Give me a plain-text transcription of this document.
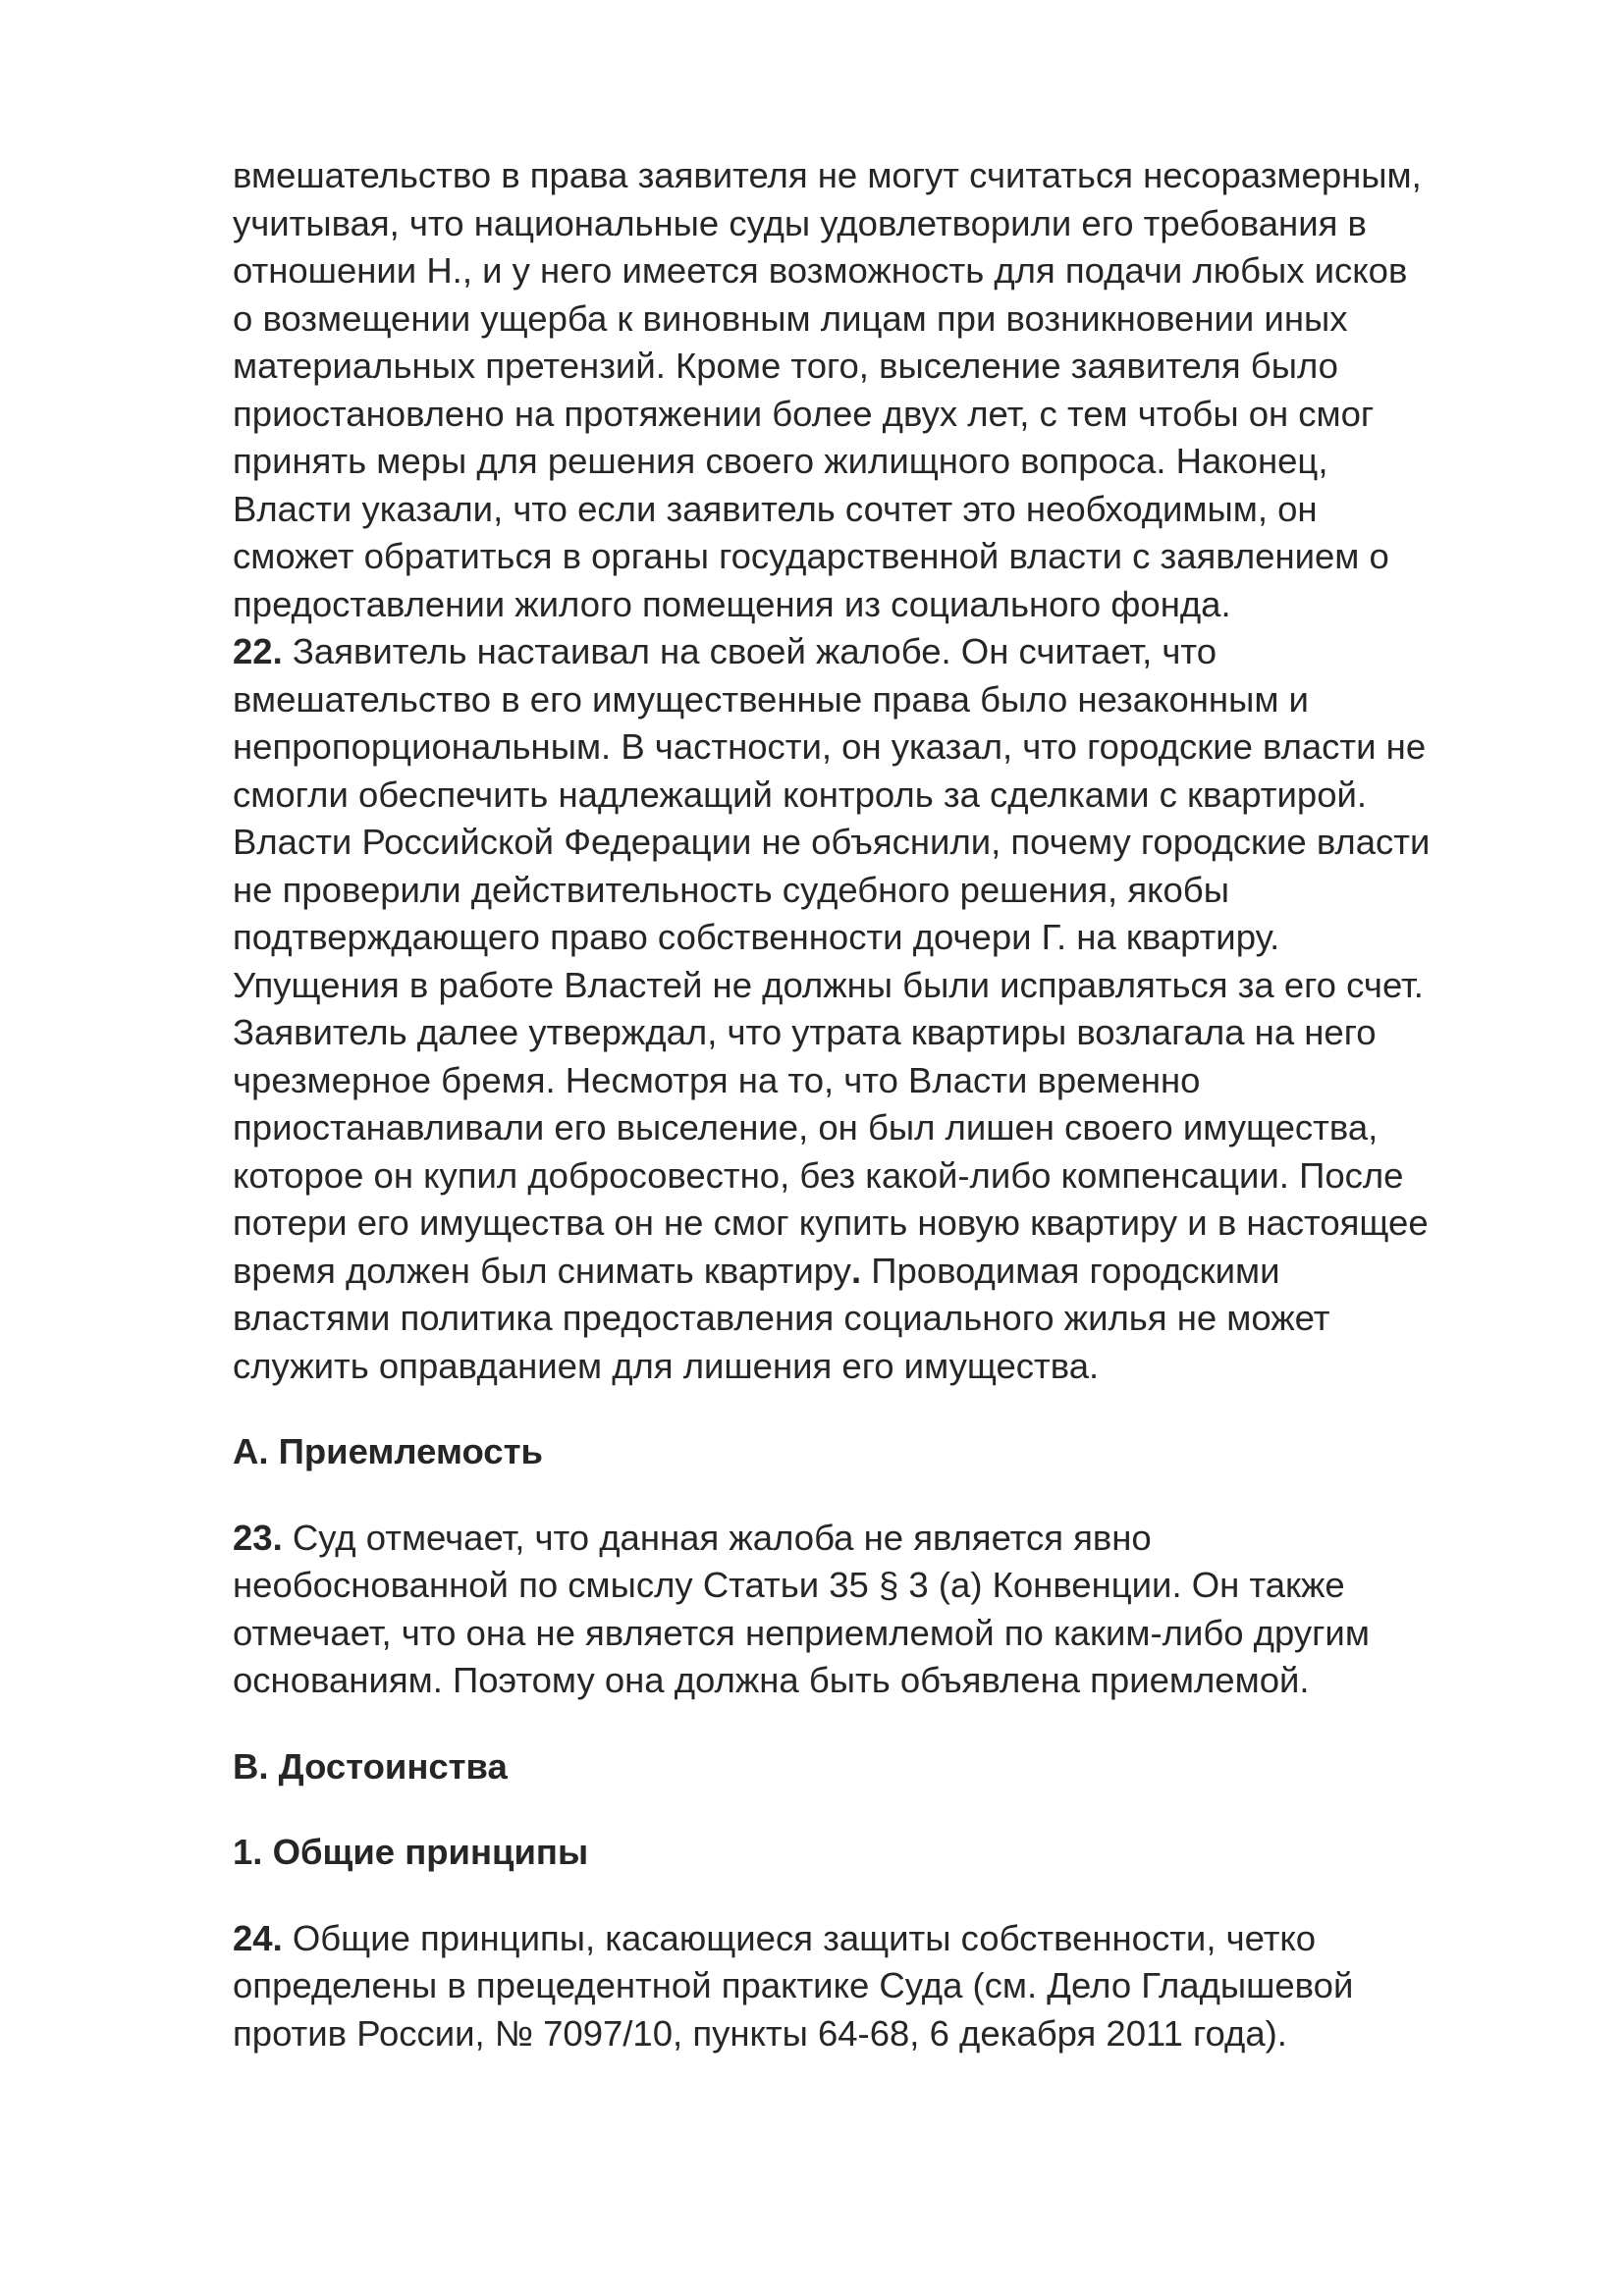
вмешательство в права заявителя не могут считаться несоразмерным,
учитывая, что национальные суды удовлетворили его требования в
отношении Н., и у него имеется возможность для подачи любых исков
о возмещении ущерба к виновным лицам при возникновении иных
материальных претензий. Кроме того, выселение заявителя было
приостановлено на протяжении более двух лет, с тем чтобы он смог
принять меры для решения своего жилищного вопроса. Наконец,
Власти указали, что если заявитель сочтет это необходимым, он
сможет обратиться в органы государственной власти с заявлением о
предоставлении жилого помещения из социального фонда.
22. Заявитель настаивал на своей жалобе. Он считает, что
вмешательство в его имущественные права было незаконным и
непропорциональным. В частности, он указал, что городские власти не
смогли обеспечить надлежащий контроль за сделками с квартирой.
Власти Российской Федерации не объяснили, почему городские власти
не проверили действительность судебного решения, якобы
подтверждающего право собственности дочери Г. на квартиру.
Упущения в работе Властей не должны были исправляться за его счет.
Заявитель далее утверждал, что утрата квартиры возлагала на него
чрезмерное бремя. Несмотря на то, что Власти временно
приостанавливали его выселение, он был лишен своего имущества,
которое он купил добросовестно, без какой-либо компенсации. После
потери его имущества он не смог купить новую квартиру и в настоящее
время должен был снимать квартиру. Проводимая городскими
властями политика предоставления социального жилья не может
служить оправданием для лишения его имущества.
A. Приемлемость
23. Суд отмечает, что данная жалоба не является явно
необоснованной по смыслу Статьи 35 § 3 (a) Конвенции. Он также
отмечает, что она не является неприемлемой по каким-либо другим
основаниям. Поэтому она должна быть объявлена приемлемой.
B. Достоинства
1. Общие принципы
24. Общие принципы, касающиеся защиты собственности, четко
определены в прецедентной практике Суда (см. Дело Гладышевой
против России, № 7097/10, пункты 64-68, 6 декабря 2011 года).
